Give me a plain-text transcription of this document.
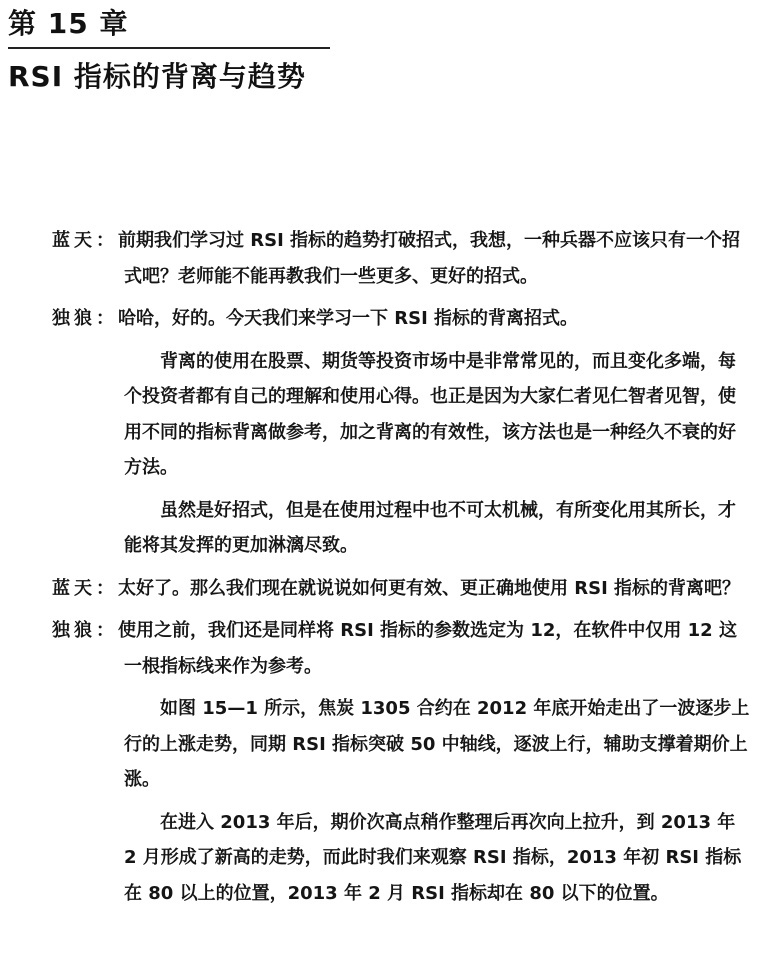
第 15 章
RSI 指标的背离与趋势

蓝天：前期我们学习过 RSI 指标的趋势打破招式，我想，一种兵器不应该只有一个招式吧？老师能不能再教我们一些更多、更好的招式。

独狼：哈哈，好的。今天我们来学习一下 RSI 指标的背离招式。

背离的使用在股票、期货等投资市场中是非常常见的，而且变化多端，每个投资者都有自己的理解和使用心得。也正是因为大家仁者见仁智者见智，使用不同的指标背离做参考，加之背离的有效性，该方法也是一种经久不衰的好方法。

虽然是好招式，但是在使用过程中也不可太机械，有所变化用其所长，才能将其发挥的更加淋漓尽致。

蓝天：太好了。那么我们现在就说说如何更有效、更正确地使用 RSI 指标的背离吧？

独狼：使用之前，我们还是同样将 RSI 指标的参数选定为 12，在软件中仅用 12 这一根指标线来作为参考。

如图 15—1 所示，焦炭 1305 合约在 2012 年底开始走出了一波逐步上行的上涨走势，同期 RSI 指标突破 50 中轴线，逐波上行，辅助支撑着期价上涨。

在进入 2013 年后，期价次高点稍作整理后再次向上拉升，到 2013 年 2 月形成了新高的走势，而此时我们来观察 RSI 指标，2013 年初 RSI 指标在 80 以上的位置，2013 年 2 月 RSI 指标却在 80 以下的位置。
